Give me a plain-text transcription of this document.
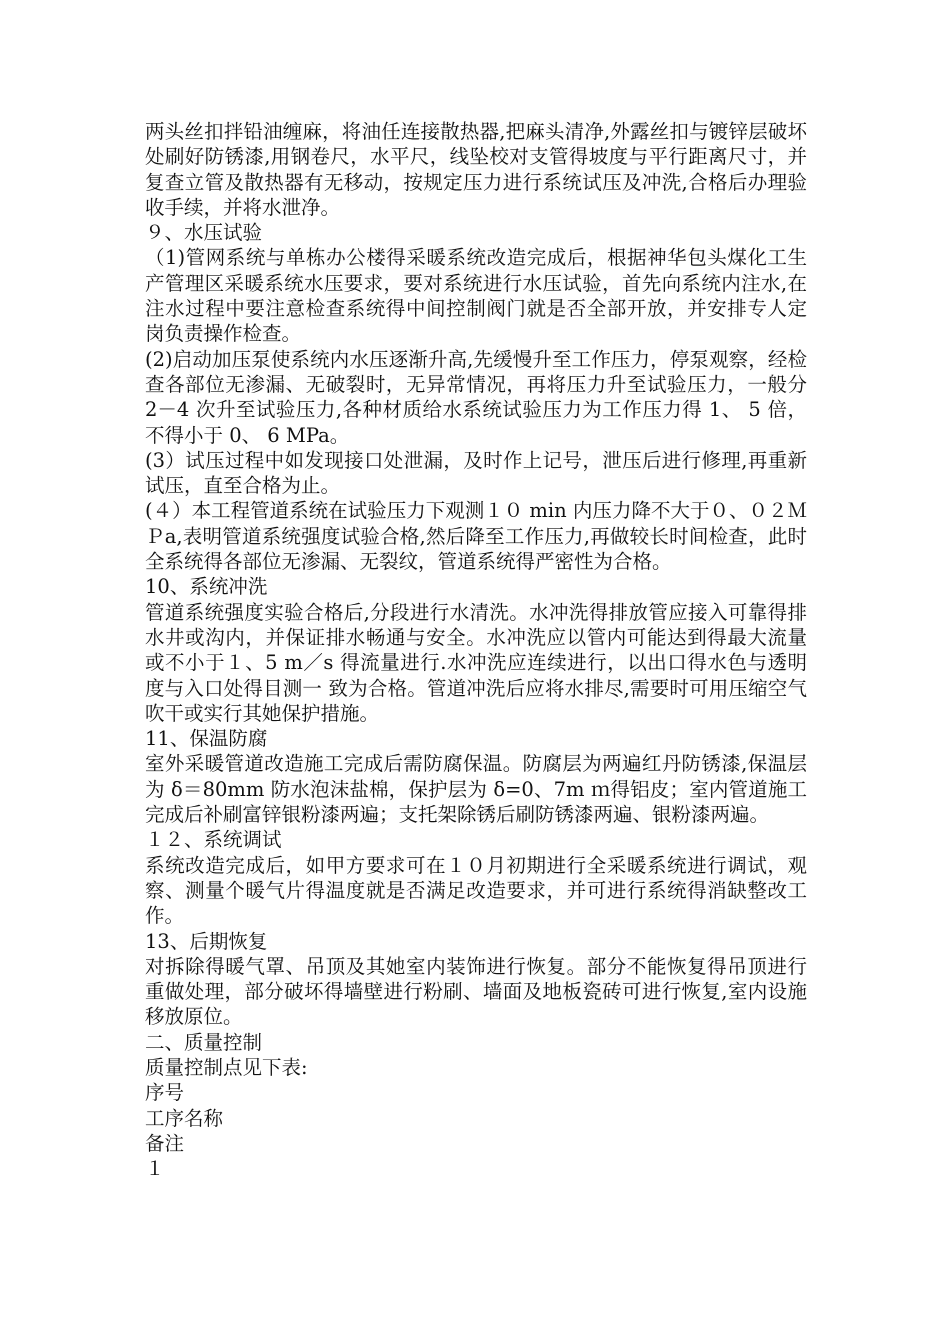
两头丝扣拌铅油缠麻，将油任连接散热器,把麻头清净,外露丝扣与镀锌层破坏处刷好防锈漆,用钢卷尺，水平尺，线坠校对支管得坡度与平行距离尺寸，并复查立管及散热器有无移动，按规定压力进行系统试压及冲洗,合格后办理验收手续，并将水泄净。

９、水压试验

（1)管网系统与单栋办公楼得采暖系统改造完成后，根据神华包头煤化工生产管理区采暖系统水压要求，要对系统进行水压试验，首先向系统内注水,在注水过程中要注意检查系统得中间控制阀门就是否全部开放，并安排专人定岗负责操作检查。

(2)启动加压泵使系统内水压逐渐升高,先缓慢升至工作压力，停泵观察，经检查各部位无渗漏、无破裂时，无异常情况，再将压力升至试验压力，一般分 2－4 次升至试验压力,各种材质给水系统试验压力为工作压力得 1、 5 倍，不得小于 0、 6 MPa。

(3）试压过程中如发现接口处泄漏，及时作上记号，泄压后进行修理,再重新试压，直至合格为止。

(４）本工程管道系统在试验压力下观测１０ min 内压力降不大于０、０２ＭＰa,表明管道系统强度试验合格,然后降至工作压力,再做较长时间检查，此时全系统得各部位无渗漏、无裂纹，管道系统得严密性为合格。

10、系统冲洗

管道系统强度实验合格后,分段进行水清洗。水冲洗得排放管应接入可靠得排水井或沟内，并保证排水畅通与安全。水冲洗应以管内可能达到得最大流量或不小于１、5 m／s 得流量进行.水冲洗应连续进行，以出口得水色与透明度与入口处得目测一 致为合格。管道冲洗后应将水排尽,需要时可用压缩空气吹干或实行其她保护措施。

11、保温防腐

室外采暖管道改造施工完成后需防腐保温。防腐层为两遍红丹防锈漆,保温层为 δ＝80mm 防水泡沫盐棉，保护层为 δ=0、7m ｍ得铝皮；室内管道施工完成后补刷富锌银粉漆两遍；支托架除锈后刷防锈漆两遍、银粉漆两遍。

１２、系统调试

系统改造完成后，如甲方要求可在１０月初期进行全采暖系统进行调试，观察、测量个暖气片得温度就是否满足改造要求，并可进行系统得消缺整改工作。

13、后期恢复

对拆除得暖气罩、吊顶及其她室内装饰进行恢复。部分不能恢复得吊顶进行重做处理，部分破坏得墙壁进行粉刷、墙面及地板瓷砖可进行恢复,室内设施移放原位。

二、质量控制

质量控制点见下表:

序号

工序名称

备注

１
